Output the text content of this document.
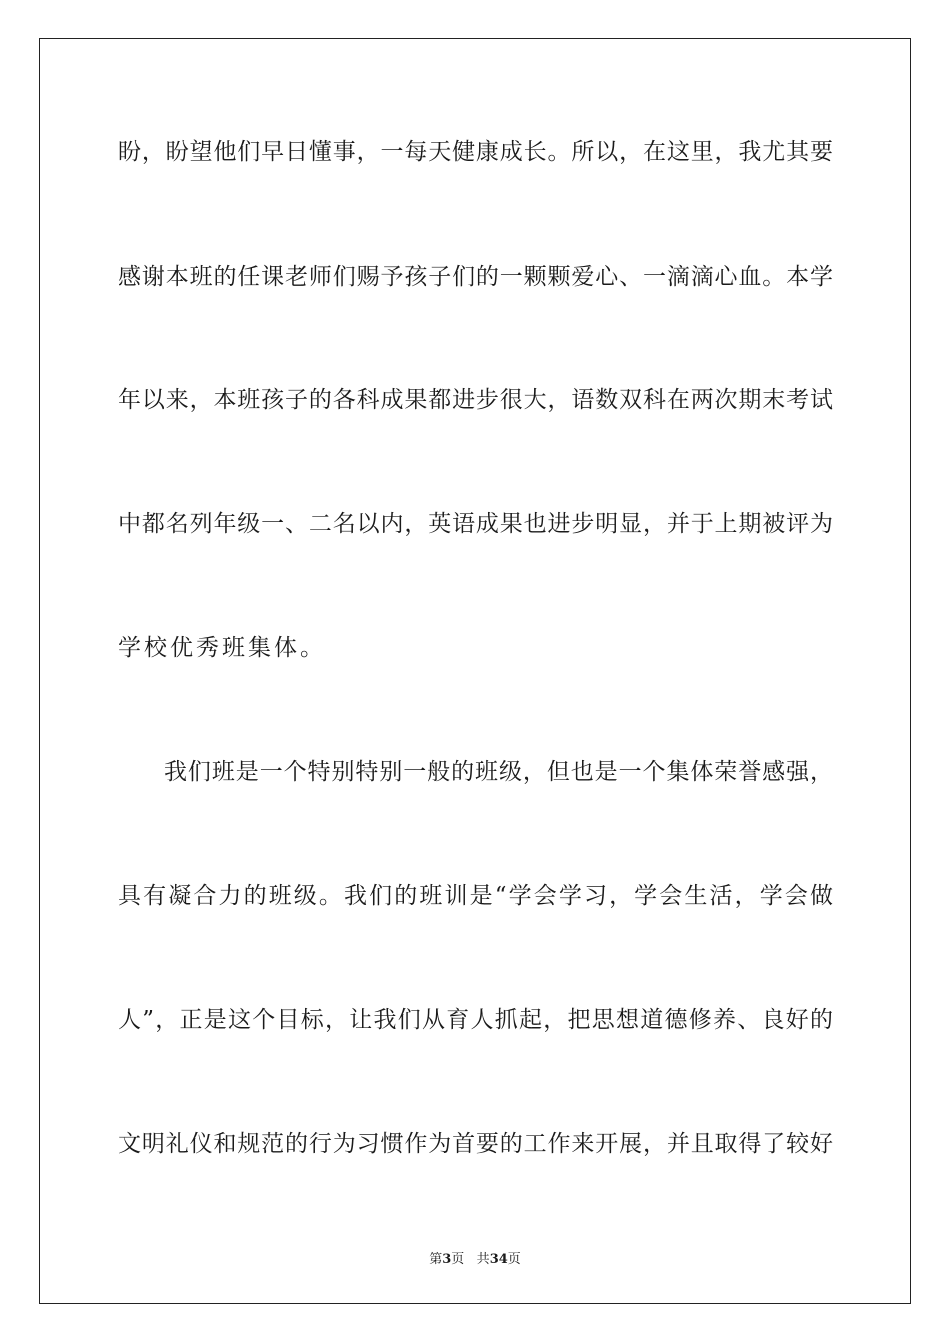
盼，盼望他们早日懂事，一每天健康成长。所以，在这里，我尤其要
感谢本班的任课老师们赐予孩子们的一颗颗爱心、一滴滴心血。本学
年以来，本班孩子的各科成果都进步很大，语数双科在两次期末考试
中都名列年级一、二名以内，英语成果也进步明显，并于上期被评为
学校优秀班集体。
我们班是一个特别特别一般的班级，但也是一个集体荣誉感强，
具有凝合力的班级。我们的班训是“学会学习，学会生活，学会做
人”，正是这个目标，让我们从育人抓起，把思想道德修养、良好的
文明礼仪和规范的行为习惯作为首要的工作来开展，并且取得了较好
第3页 共34页
